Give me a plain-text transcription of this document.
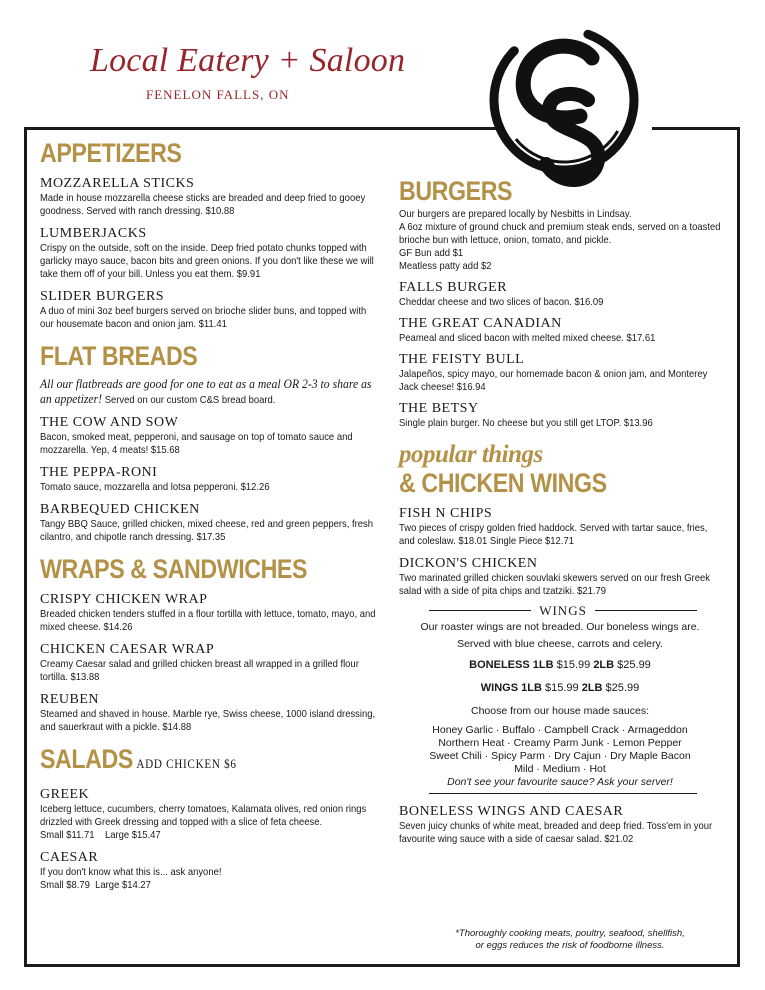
Local Eatery + Saloon
FENELON FALLS, ON
APPETIZERS
MOZZARELLA STICKS
Made in house mozzarella cheese sticks are breaded and deep fried to gooey goodness. Served with ranch dressing. $10.88
LUMBERJACKS
Crispy on the outside, soft on the inside. Deep fried potato chunks topped with garlicky mayo sauce, bacon bits and green onions. If you don't like these we will take them off of your bill. Unless you eat them. $9.91
SLIDER BURGERS
A duo of mini 3oz beef burgers served on brioche slider buns, and topped with our housemate bacon and onion jam. $11.41
FLAT BREADS
All our flatbreads are good for one to eat as a meal OR 2-3 to share as an appetizer! Served on our custom C&S bread board.
THE COW AND SOW
Bacon, smoked meat, pepperoni, and sausage on top of tomato sauce and mozzarella. Yep, 4 meats! $15.68
THE PEPPA-RONI
Tomato sauce, mozzarella and lotsa pepperoni. $12.26
BARBEQUED CHICKEN
Tangy BBQ Sauce, grilled chicken, mixed cheese, red and green peppers, fresh cilantro, and chipotle ranch dressing. $17.35
WRAPS & SANDWICHES
CRISPY CHICKEN WRAP
Breaded chicken tenders stuffed in a flour tortilla with lettuce, tomato, mayo, and mixed cheese. $14.26
CHICKEN CAESAR WRAP
Creamy Caesar salad and grilled chicken breast all wrapped in a grilled flour tortilla. $13.88
REUBEN
Steamed and shaved in house. Marble rye, Swiss cheese, 1000 island dressing, and sauerkraut with a pickle. $14.88
SALADS ADD CHICKEN $6
GREEK
Iceberg lettuce, cucumbers, cherry tomatoes, Kalamata olives, red onion rings drizzled with Greek dressing and topped with a slice of feta cheese.
Small $11.71    Large $15.47
CAESAR
If you don't know what this is... ask anyone!
Small $8.79  Large $14.27
BURGERS
Our burgers are prepared locally by Nesbitts in Lindsay.
A 6oz mixture of ground chuck and premium steak ends, served on a toasted brioche bun with lettuce, onion, tomato, and pickle.
GF Bun add $1
Meatless patty add $2
FALLS BURGER
Cheddar cheese and two slices of bacon. $16.09
THE GREAT CANADIAN
Peameal and sliced bacon with melted mixed cheese. $17.61
THE FEISTY BULL
Jalapeños, spicy mayo, our homemade bacon & onion jam, and Monterey Jack cheese! $16.94
THE BETSY
Single plain burger. No cheese but you still get LTOP. $13.96
popular things
& CHICKEN WINGS
FISH N CHIPS
Two pieces of crispy golden fried haddock. Served with tartar sauce, fries, and coleslaw. $18.01 Single Piece $12.71
DICKON'S CHICKEN
Two marinated grilled chicken souvlaki skewers served on our fresh Greek salad with a side of pita chips and tzatziki. $21.79
WINGS
Our roaster wings are not breaded. Our boneless wings are.
Served with blue cheese, carrots and celery.
BONELESS 1LB $15.99 2LB $25.99
WINGS 1LB $15.99 2LB $25.99
Choose from our house made sauces:
Honey Garlic · Buffalo · Campbell Crack · Armageddon
Northern Heat · Creamy Parm Junk · Lemon Pepper
Sweet Chili · Spicy Parm · Dry Cajun · Dry Maple Bacon
Mild · Medium · Hot
Don't see your favourite sauce? Ask your server!
BONELESS WINGS AND CAESAR
Seven juicy chunks of white meat, breaded and deep fried. Toss'em in your favourite wing sauce with a side of caesar salad. $21.02
*Thoroughly cooking meats, poultry, seafood, shellfish,
or eggs reduces the risk of foodborne illness.
